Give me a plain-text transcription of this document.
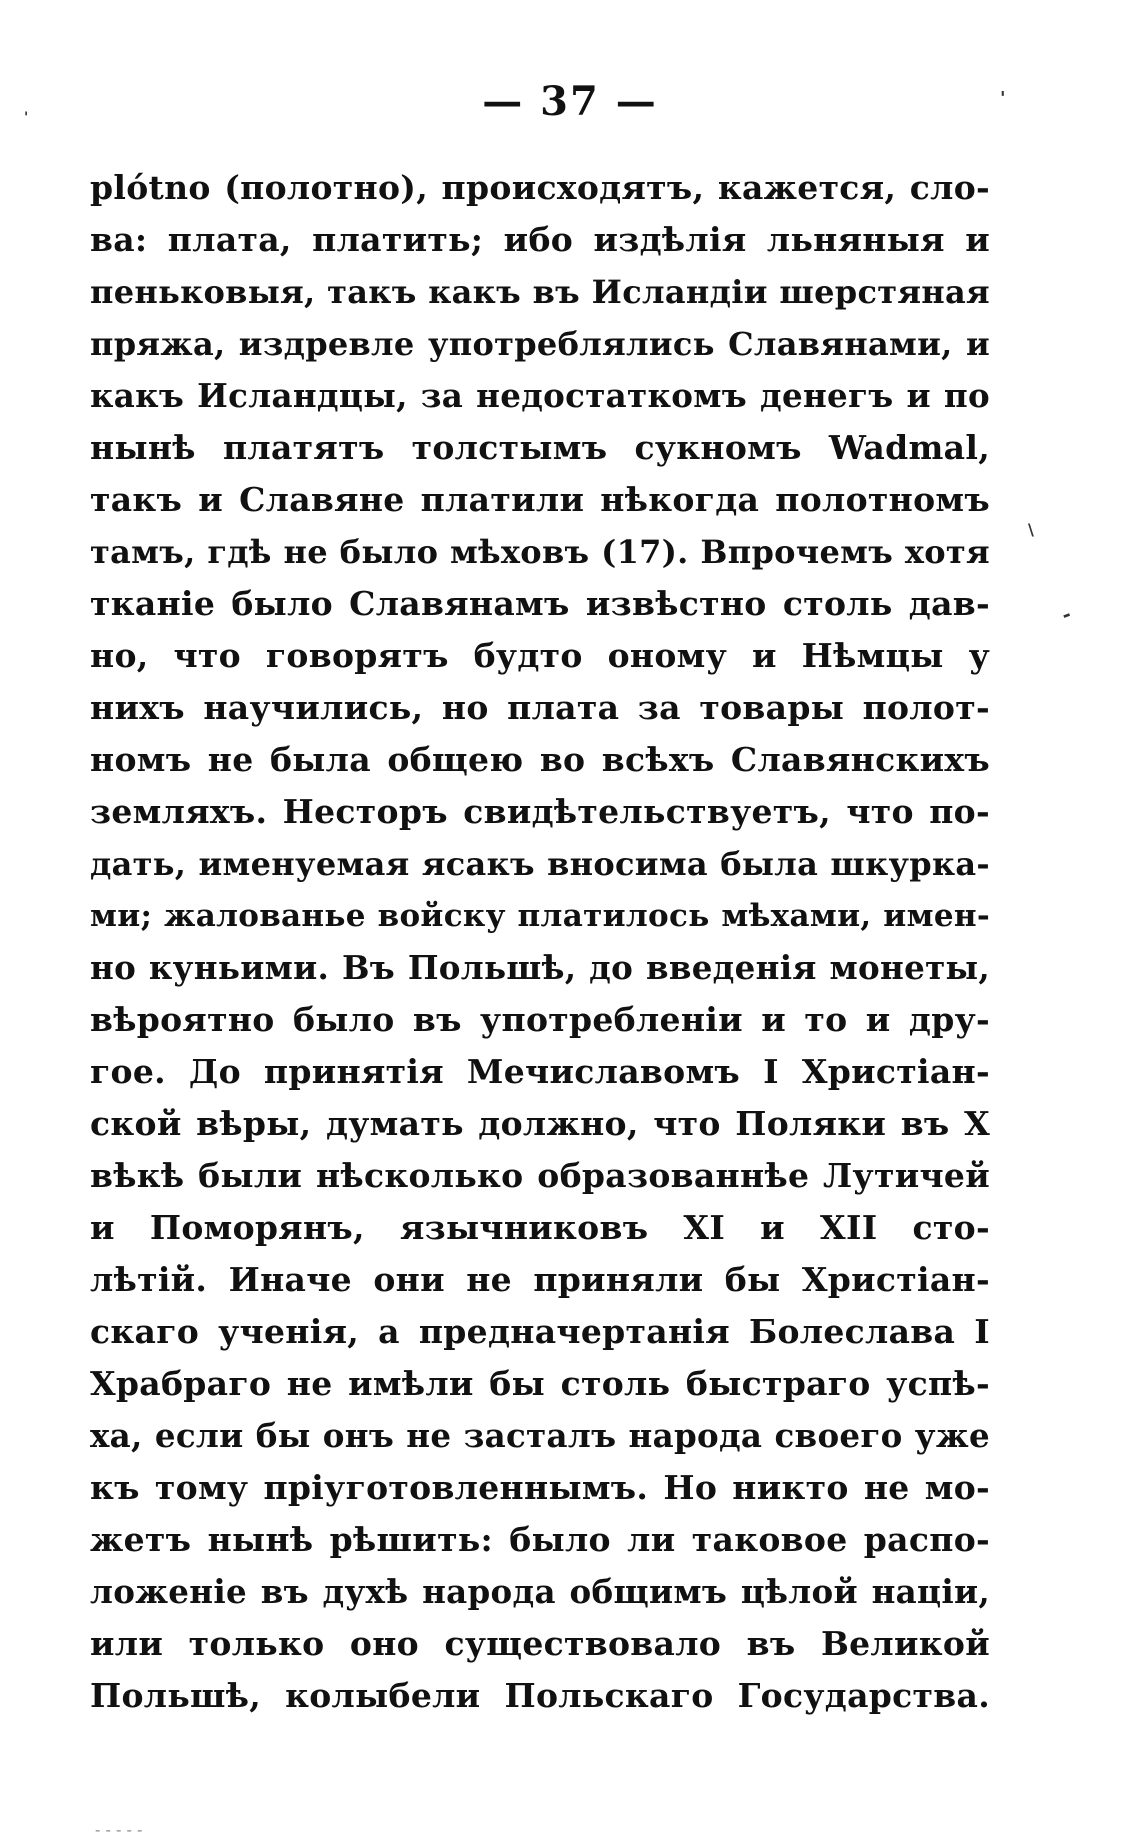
— 37 —
plótno (полотно), происходятъ, кажется, сло-
ва: плата, платить; ибо издѣлія льняныя и
пеньковыя, такъ какъ въ Исландіи шерстяная
пряжа, издревле употреблялись Славянами, и
какъ Исландцы, за недостаткомъ денегъ и по
нынѣ платятъ толстымъ сукномъ Wadmal,
такъ и Славяне платили нѣкогда полотномъ
тамъ, гдѣ не было мѣховъ (17). Впрочемъ хотя
тканіе было Славянамъ извѣстно столь дав-
но, что говорятъ будто оному и Нѣмцы у
нихъ научились, но плата за товары полот-
номъ не была общею во всѣхъ Славянскихъ
земляхъ. Несторъ свидѣтельствуетъ, что по-
дать, именуемая ясакъ вносима была шкурка-
ми; жалованье войску платилось мѣхами, имен-
но куньими. Въ Польшѣ, до введенія монеты,
вѣроятно было въ употребленіи и то и дру-
гое. До принятія Мечиславомъ I Христіан-
ской вѣры, думать должно, что Поляки въ X
вѣкѣ были нѣсколько образованнѣе Лутичей
и Поморянъ, язычниковъ XI и XII сто-
лѣтій. Иначе они не приняли бы Христіан-
скаго ученія, а предначертанія Болеслава I
Храбраго не имѣли бы столь быстраго успѣ-
ха, если бы онъ не засталъ народа своего уже
къ тому пріуготовленнымъ. Но никто не мо-
жетъ нынѣ рѣшить: было ли таковое распо-
ложеніе въ духѣ народа общимъ цѣлой націи,
или только оно существовало въ Великой
Польшѣ, колыбели Польскаго Государства.
'
'
-
\
- - - - -
